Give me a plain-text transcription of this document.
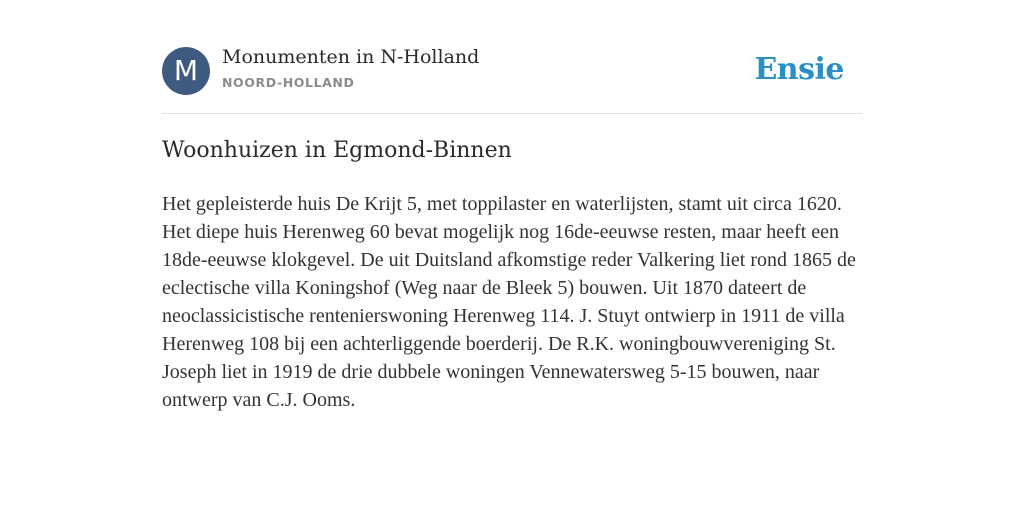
M	Monumenten in N-Holland
NOORD-HOLLAND	Ensie
Woonhuizen in Egmond-Binnen

Het gepleisterde huis De Krijt 5, met toppilaster en waterlijsten, stamt uit circa 1620. Het diepe huis Herenweg 60 bevat mogelijk nog 16de-eeuwse resten, maar heeft een 18de-eeuwse klokgevel. De uit Duitsland afkomstige reder Valkering liet rond 1865 de eclectische villa Koningshof (Weg naar de Bleek 5) bouwen. Uit 1870 dateert de neoclassicistische rentenierswoning Herenweg 114. J. Stuyt ontwierp in 1911 de villa Herenweg 108 bij een achterliggende boerderij. De R.K. woningbouwvereniging St. Joseph liet in 1919 de drie dubbele woningen Vennewatersweg 5-15 bouwen, naar ontwerp van C.J. Ooms.
